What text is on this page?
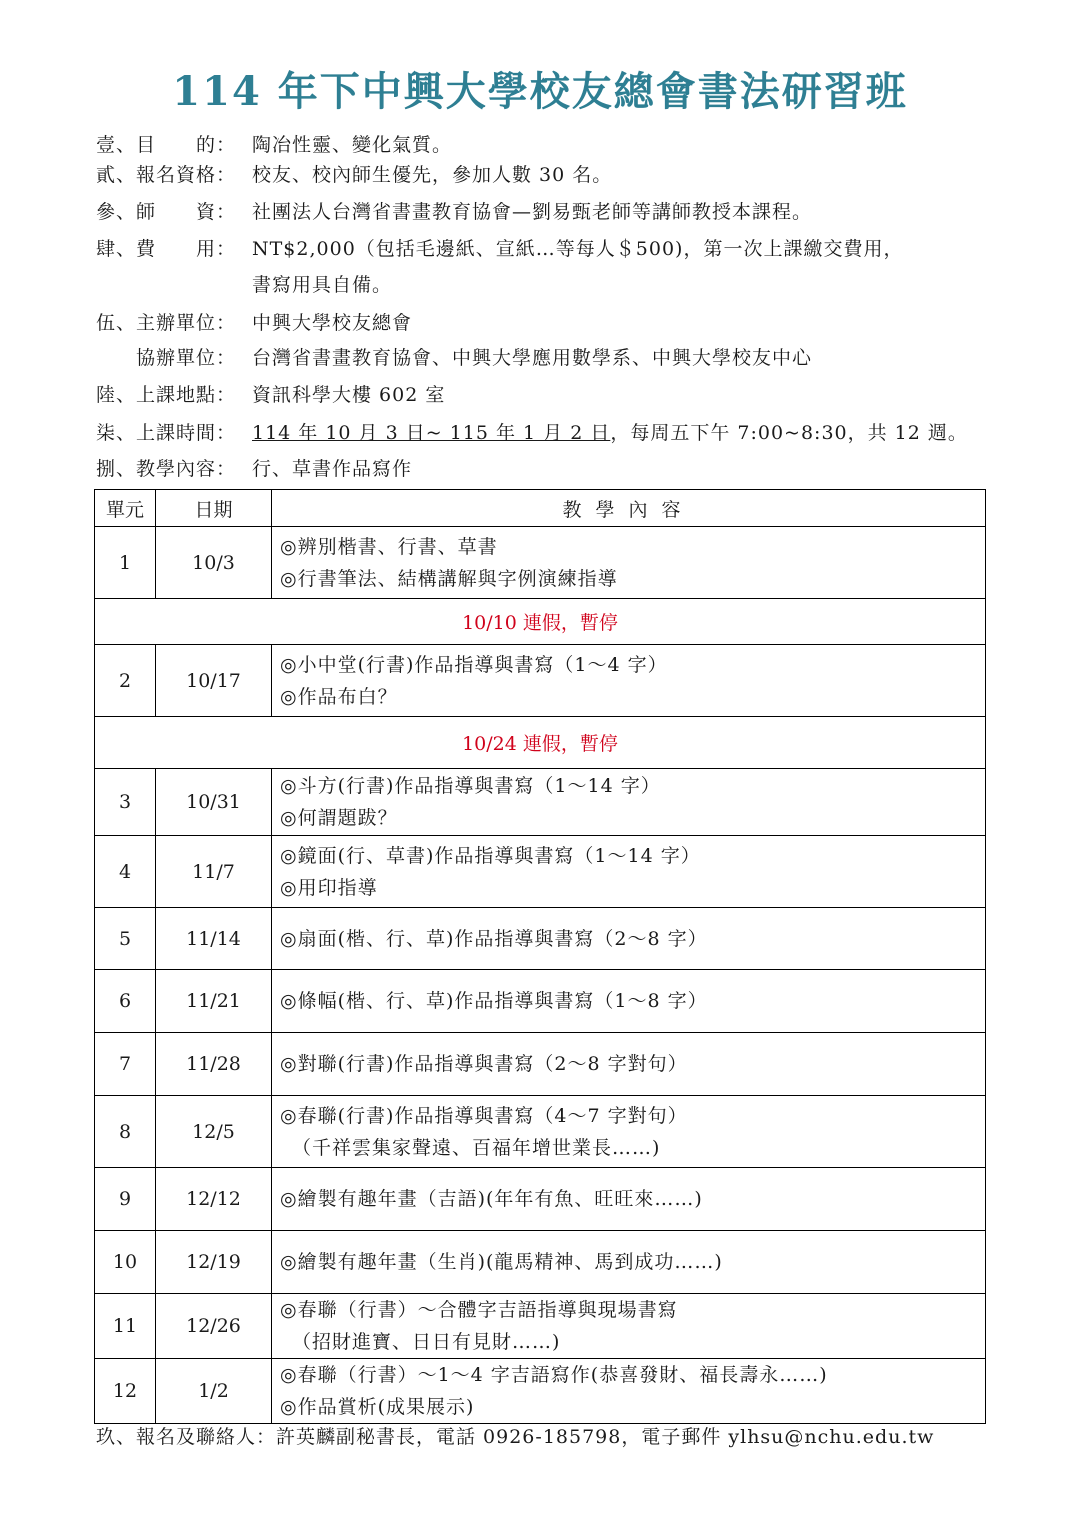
114 年下中興大學校友總會書法研習班
壹、目　　的： 陶冶性靈、變化氣質。
貳、報名資格： 校友、校內師生優先，參加人數 30 名。
參、師　　資： 社團法人台灣省書畫教育協會—劉易甄老師等講師教授本課程。
肆、費　　用： NT$2,000（包括毛邊紙、宣紙…等每人＄500)，第一次上課繳交費用，
書寫用具自備。
伍、主辦單位： 中興大學校友總會
　　協辦單位： 台灣省書畫教育協會、中興大學應用數學系、中興大學校友中心
陸、上課地點： 資訊科學大樓 602 室
柒、上課時間： 114 年 10 月 3 日~ 115 年 1 月 2 日，每周五下午 7:00~8:30，共 12 週。
捌、教學內容： 行、草書作品寫作
單元	日期	教學內容
1	10/3	◎辨別楷書、行書、草書
◎行書筆法、結構講解與字例演練指導

10/10 連假，暫停		
2	10/17	◎小中堂(行書)作品指導與書寫（1～4 字）
◎作品布白？

10/24 連假，暫停		
3	10/31	◎斗方(行書)作品指導與書寫（1～14 字）
◎何謂題跋？

4	11/7	◎鏡面(行、草書)作品指導與書寫（1～14 字）
◎用印指導

5	11/14	◎扇面(楷、行、草)作品指導與書寫（2～8 字）

6	11/21	◎條幅(楷、行、草)作品指導與書寫（1～8 字）

7	11/28	◎對聯(行書)作品指導與書寫（2～8 字對句）

8	12/5	◎春聯(行書)作品指導與書寫（4～7 字對句）
（千祥雲集家聲遠、百福年增世業長……)

9	12/12	◎繪製有趣年畫（吉語)(年年有魚、旺旺來……)

10	12/19	◎繪製有趣年畫（生肖)(龍馬精神、馬到成功……)

11	12/26	◎春聯（行書）～合體字吉語指導與現場書寫
（招財進寶、日日有見財……)

12	1/2	◎春聯（行書）～1～4 字吉語寫作(恭喜發財、福長壽永……)
◎作品賞析(成果展示)
玖、報名及聯絡人：許英麟副秘書長，電話 0926-185798，電子郵件 ylhsu@nchu.edu.tw
